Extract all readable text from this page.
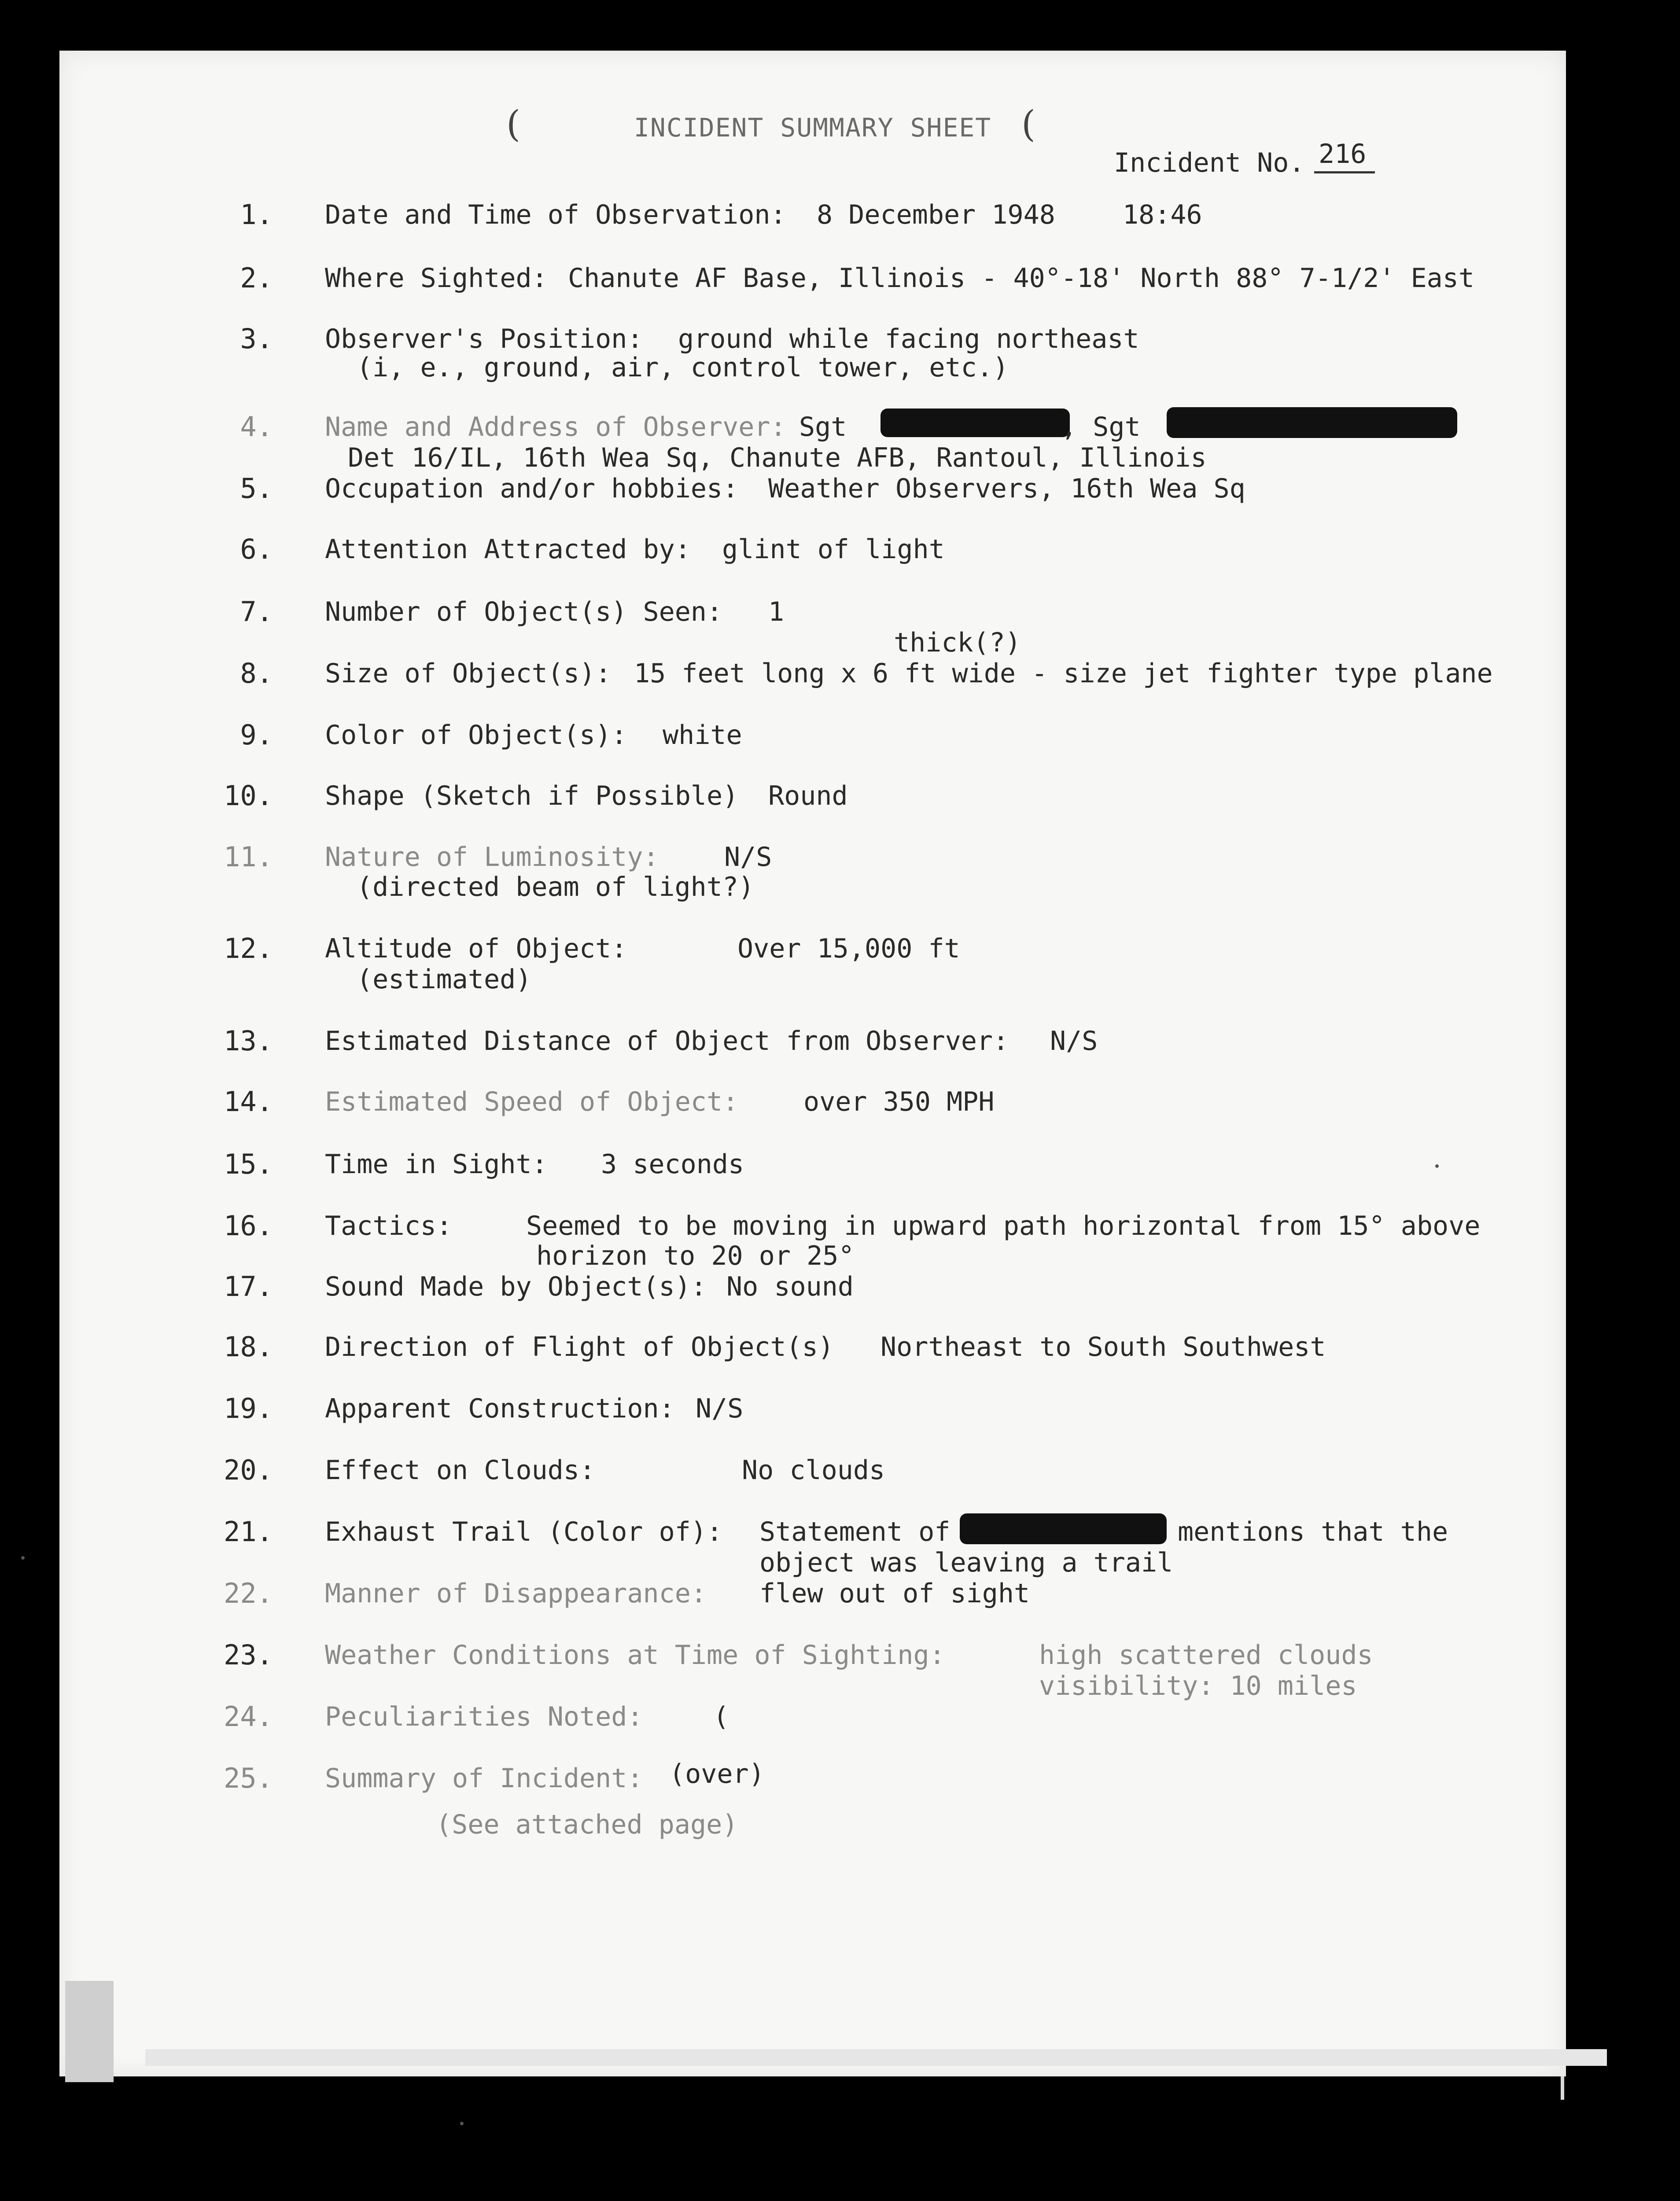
(	INCIDENT SUMMARY SHEET (
Incident No. 216
1. Date and Time of Observation: 8 December 1948	18:46
2. Where Sighted: Chanute AF Base, Illinois - 40°-18' North 88° 7-1/2' East
3. Observer's Position: ground while facing northeast
(i, e., ground, air, control tower, etc.)
4. Name and Address of Observer: Sgt	, Sgt
Det 16/IL, 16th Wea Sq, Chanute AFB, Rantoul, Illinois
5. Occupation and/or hobbies: Weather Observers, 16th Wea Sq
6. Attention Attracted by: glint of light
7. Number of Object(s) Seen: 1
thick(?)
8. Size of Object(s): 15 feet long x 6 ft wide - size jet fighter type plane
9. Color of Object(s): white
10. Shape (Sketch if Possible) Round
11. Nature of Luminosity: N/S
(directed beam of light?)
12. Altitude of Object:	Over 15,000 ft
(estimated)
13. Estimated Distance of Object from Observer: N/S
14. Estimated Speed of Object: over 350 MPH
15. Time in Sight: 3 seconds
16. Tactics:	Seemed to be moving in upward path horizontal from 15° above
horizon to 20 or 25°
17. Sound Made by Object(s): No sound
18. Direction of Flight of Object(s) Northeast to South Southwest
19. Apparent Construction: N/S
20. Effect on Clouds:	No clouds
21. Exhaust Trail (Color of): Statement of	mentions that the
object was leaving a trail
22. Manner of Disappearance: flew out of sight
23. Weather Conditions at Time of Sighting:	high scattered clouds
visibility: 10 miles
24. Peculiarities Noted:	(
25. Summary of Incident: (over)
(See attached page)
